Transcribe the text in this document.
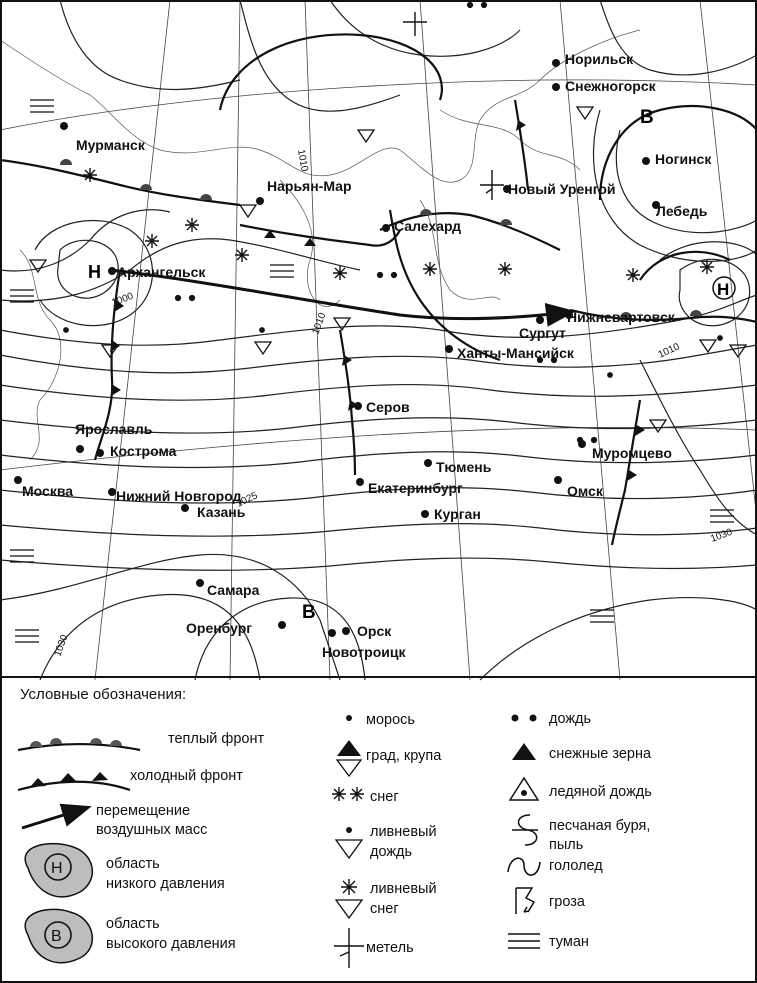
Н
Н
В
В
1000
1010
1010
1010
1025
1030
1030
Мурманск
Нарьян-Мар
Салехард
Норильск
Снежногорск
Ногинск
Лебедь
Новый Уренгой
Архангельск
Нижневартовск
Сургут
Ханты-Мансийск
Серов
Ярославль
Кострома
Москва	Нижний Новгород
Казань
Тюмень
Екатеринбург
Курган
Муромцево
Омск
Самара
Оренбург	Орск
Новотроицк
Условные обозначения:
теплый фронт
холодный фронт
перемещение
воздушных масс
Н	область
низкого давления
В
область
высокого давления
морось
град, крупа
снег
ливневый
дождь
ливневый
снег
метель
дождь
снежные зерна
ледяной дождь
песчаная буря,
пыль
гололед
гроза
туман
